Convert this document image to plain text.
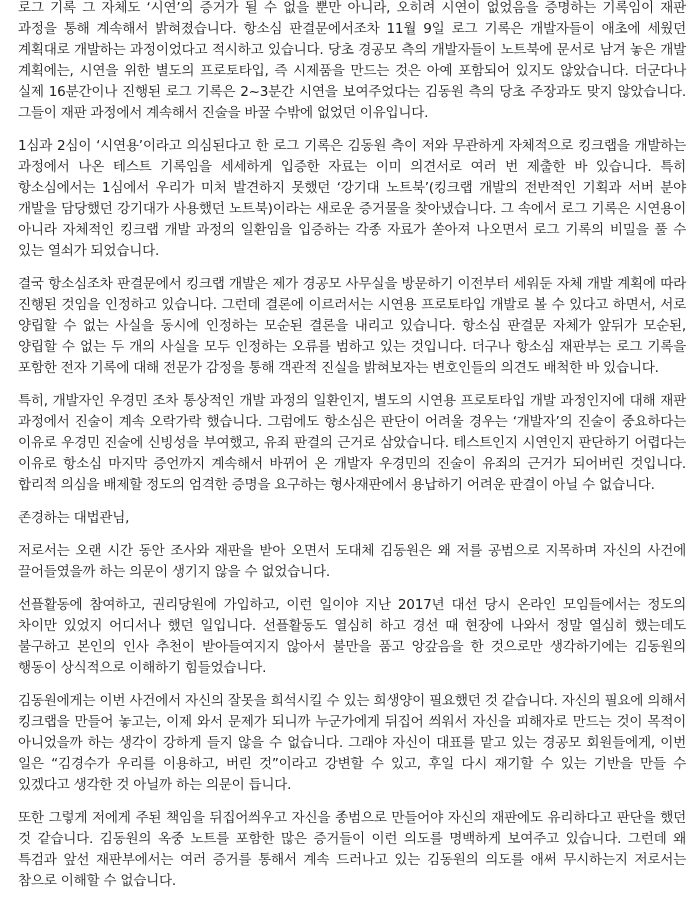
로그 기록 그 자체도 ‘시연’의 증거가 될 수 없을 뿐만 아니라, 오히려 시연이 없었음을 증명하는 기록임이 재판 과정을 통해 계속해서 밝혀졌습니다. 항소심 판결문에서조차 11월 9일 로그 기록은 개발자들이 애초에 세웠던 계획대로 개발하는 과정이었다고 적시하고 있습니다. 당초 경공모 측의 개발자들이 노트북에 문서로 남겨 놓은 개발 계획에는, 시연을 위한 별도의 프로토타입, 즉 시제품을 만드는 것은 아예 포함되어 있지도 않았습니다. 더군다나 실제 16분간이나 진행된 로그 기록은 2~3분간 시연을 보여주었다는 김동원 측의 당초 주장과도 맞지 않았습니다. 그들이 재판 과정에서 계속해서 진술을 바꿀 수밖에 없었던 이유입니다.

1심과 2심이 ‘시연용’이라고 의심된다고 한 로그 기록은 김동원 측이 저와 무관하게 자체적으로 킹크랩을 개발하는 과정에서 나온 테스트 기록임을 세세하게 입증한 자료는 이미 의견서로 여러 번 제출한 바 있습니다. 특히 항소심에서는 1심에서 우리가 미처 발견하지 못했던 ‘강기대 노트북’(킹크랩 개발의 전반적인 기획과 서버 분야 개발을 담당했던 강기대가 사용했던 노트북)이라는 새로운 증거물을 찾아냈습니다. 그 속에서 로그 기록은 시연용이 아니라 자체적인 킹크랩 개발 과정의 일환임을 입증하는 각종 자료가 쏟아져 나오면서 로그 기록의 비밀을 풀 수 있는 열쇠가 되었습니다.

결국 항소심조차 판결문에서 킹크랩 개발은 제가 경공모 사무실을 방문하기 이전부터 세워둔 자체 개발 계획에 따라 진행된 것임을 인정하고 있습니다. 그런데 결론에 이르러서는 시연용 프로토타입 개발로 볼 수 있다고 하면서, 서로 양립할 수 없는 사실을 동시에 인정하는 모순된 결론을 내리고 있습니다. 항소심 판결문 자체가 앞뒤가 모순된, 양립할 수 없는 두 개의 사실을 모두 인정하는 오류를 범하고 있는 것입니다. 더구나 항소심 재판부는 로그 기록을 포함한 전자 기록에 대해 전문가 감정을 통해 객관적 진실을 밝혀보자는 변호인들의 의견도 배척한 바 있습니다.

특히, 개발자인 우경민 조차 통상적인 개발 과정의 일환인지, 별도의 시연용 프로토타입 개발 과정인지에 대해 재판 과정에서 진술이 계속 오락가락 했습니다. 그럼에도 항소심은 판단이 어려울 경우는 ‘개발자’의 진술이 중요하다는 이유로 우경민 진술에 신빙성을 부여했고, 유죄 판결의 근거로 삼았습니다. 테스트인지 시연인지 판단하기 어렵다는 이유로 항소심 마지막 증언까지 계속해서 바뀌어 온 개발자 우경민의 진술이 유죄의 근거가 되어버린 것입니다. 합리적 의심을 배제할 정도의 엄격한 증명을 요구하는 형사재판에서 용납하기 어려운 판결이 아닐 수 없습니다.

존경하는 대법관님,

저로서는 오랜 시간 동안 조사와 재판을 받아 오면서 도대체 김동원은 왜 저를 공범으로 지목하며 자신의 사건에 끌어들였을까 하는 의문이 생기지 않을 수 없었습니다.

선플활동에 참여하고, 권리당원에 가입하고, 이런 일이야 지난 2017년 대선 당시 온라인 모임들에서는 정도의 차이만 있었지 어디서나 했던 일입니다. 선플활동도 열심히 하고 경선 때 현장에 나와서 정말 열심히 했는데도 불구하고 본인의 인사 추천이 받아들여지지 않아서 불만을 품고 앙갚음을 한 것으로만 생각하기에는 김동원의 행동이 상식적으로 이해하기 힘들었습니다.

김동원에게는 이번 사건에서 자신의 잘못을 희석시킬 수 있는 희생양이 필요했던 것 같습니다. 자신의 필요에 의해서 킹크랩을 만들어 놓고는, 이제 와서 문제가 되니까 누군가에게 뒤집어 씌워서 자신을 피해자로 만드는 것이 목적이 아니었을까 하는 생각이 강하게 들지 않을 수 없습니다. 그래야 자신이 대표를 맡고 있는 경공모 회원들에게, 이번 일은 “김경수가 우리를 이용하고, 버린 것”이라고 강변할 수 있고, 후일 다시 재기할 수 있는 기반을 만들 수 있겠다고 생각한 것 아닐까 하는 의문이 듭니다.

또한 그렇게 저에게 주된 책임을 뒤집어씌우고 자신을 종범으로 만들어야 자신의 재판에도 유리하다고 판단을 했던 것 같습니다. 김동원의 옥중 노트를 포함한 많은 증거들이 이런 의도를 명백하게 보여주고 있습니다. 그런데 왜 특검과 앞선 재판부에서는 여러 증거를 통해서 계속 드러나고 있는 김동원의 의도를 애써 무시하는지 저로서는 참으로 이해할 수 없습니다.
